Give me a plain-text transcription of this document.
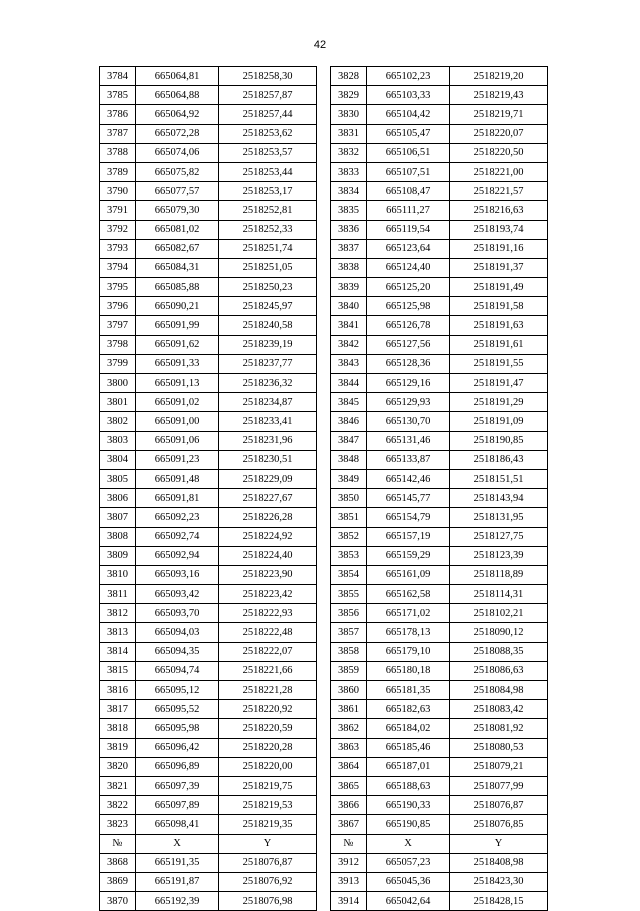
42
3784	665064,81	2518258,30		3828	665102,23	2518219,20
3785	665064,88	2518257,87		3829	665103,33	2518219,43
3786	665064,92	2518257,44		3830	665104,42	2518219,71
3787	665072,28	2518253,62		3831	665105,47	2518220,07
3788	665074,06	2518253,57		3832	665106,51	2518220,50
3789	665075,82	2518253,44		3833	665107,51	2518221,00
3790	665077,57	2518253,17		3834	665108,47	2518221,57
3791	665079,30	2518252,81		3835	665111,27	2518216,63
3792	665081,02	2518252,33		3836	665119,54	2518193,74
3793	665082,67	2518251,74		3837	665123,64	2518191,16
3794	665084,31	2518251,05		3838	665124,40	2518191,37
3795	665085,88	2518250,23		3839	665125,20	2518191,49
3796	665090,21	2518245,97		3840	665125,98	2518191,58
3797	665091,99	2518240,58		3841	665126,78	2518191,63
3798	665091,62	2518239,19		3842	665127,56	2518191,61
3799	665091,33	2518237,77		3843	665128,36	2518191,55
3800	665091,13	2518236,32		3844	665129,16	2518191,47
3801	665091,02	2518234,87		3845	665129,93	2518191,29
3802	665091,00	2518233,41		3846	665130,70	2518191,09
3803	665091,06	2518231,96		3847	665131,46	2518190,85
3804	665091,23	2518230,51		3848	665133,87	2518186,43
3805	665091,48	2518229,09		3849	665142,46	2518151,51
3806	665091,81	2518227,67		3850	665145,77	2518143,94
3807	665092,23	2518226,28		3851	665154,79	2518131,95
3808	665092,74	2518224,92		3852	665157,19	2518127,75
3809	665092,94	2518224,40		3853	665159,29	2518123,39
3810	665093,16	2518223,90		3854	665161,09	2518118,89
3811	665093,42	2518223,42		3855	665162,58	2518114,31
3812	665093,70	2518222,93		3856	665171,02	2518102,21
3813	665094,03	2518222,48		3857	665178,13	2518090,12
3814	665094,35	2518222,07		3858	665179,10	2518088,35
3815	665094,74	2518221,66		3859	665180,18	2518086,63
3816	665095,12	2518221,28		3860	665181,35	2518084,98
3817	665095,52	2518220,92		3861	665182,63	2518083,42
3818	665095,98	2518220,59		3862	665184,02	2518081,92
3819	665096,42	2518220,28		3863	665185,46	2518080,53
3820	665096,89	2518220,00		3864	665187,01	2518079,21
3821	665097,39	2518219,75		3865	665188,63	2518077,99
3822	665097,89	2518219,53		3866	665190,33	2518076,87
3823	665098,41	2518219,35		3867	665190,85	2518076,85
№	X	Y		№	X	Y
3868	665191,35	2518076,87		3912	665057,23	2518408,98
3869	665191,87	2518076,92		3913	665045,36	2518423,30
3870	665192,39	2518076,98		3914	665042,64	2518428,15
